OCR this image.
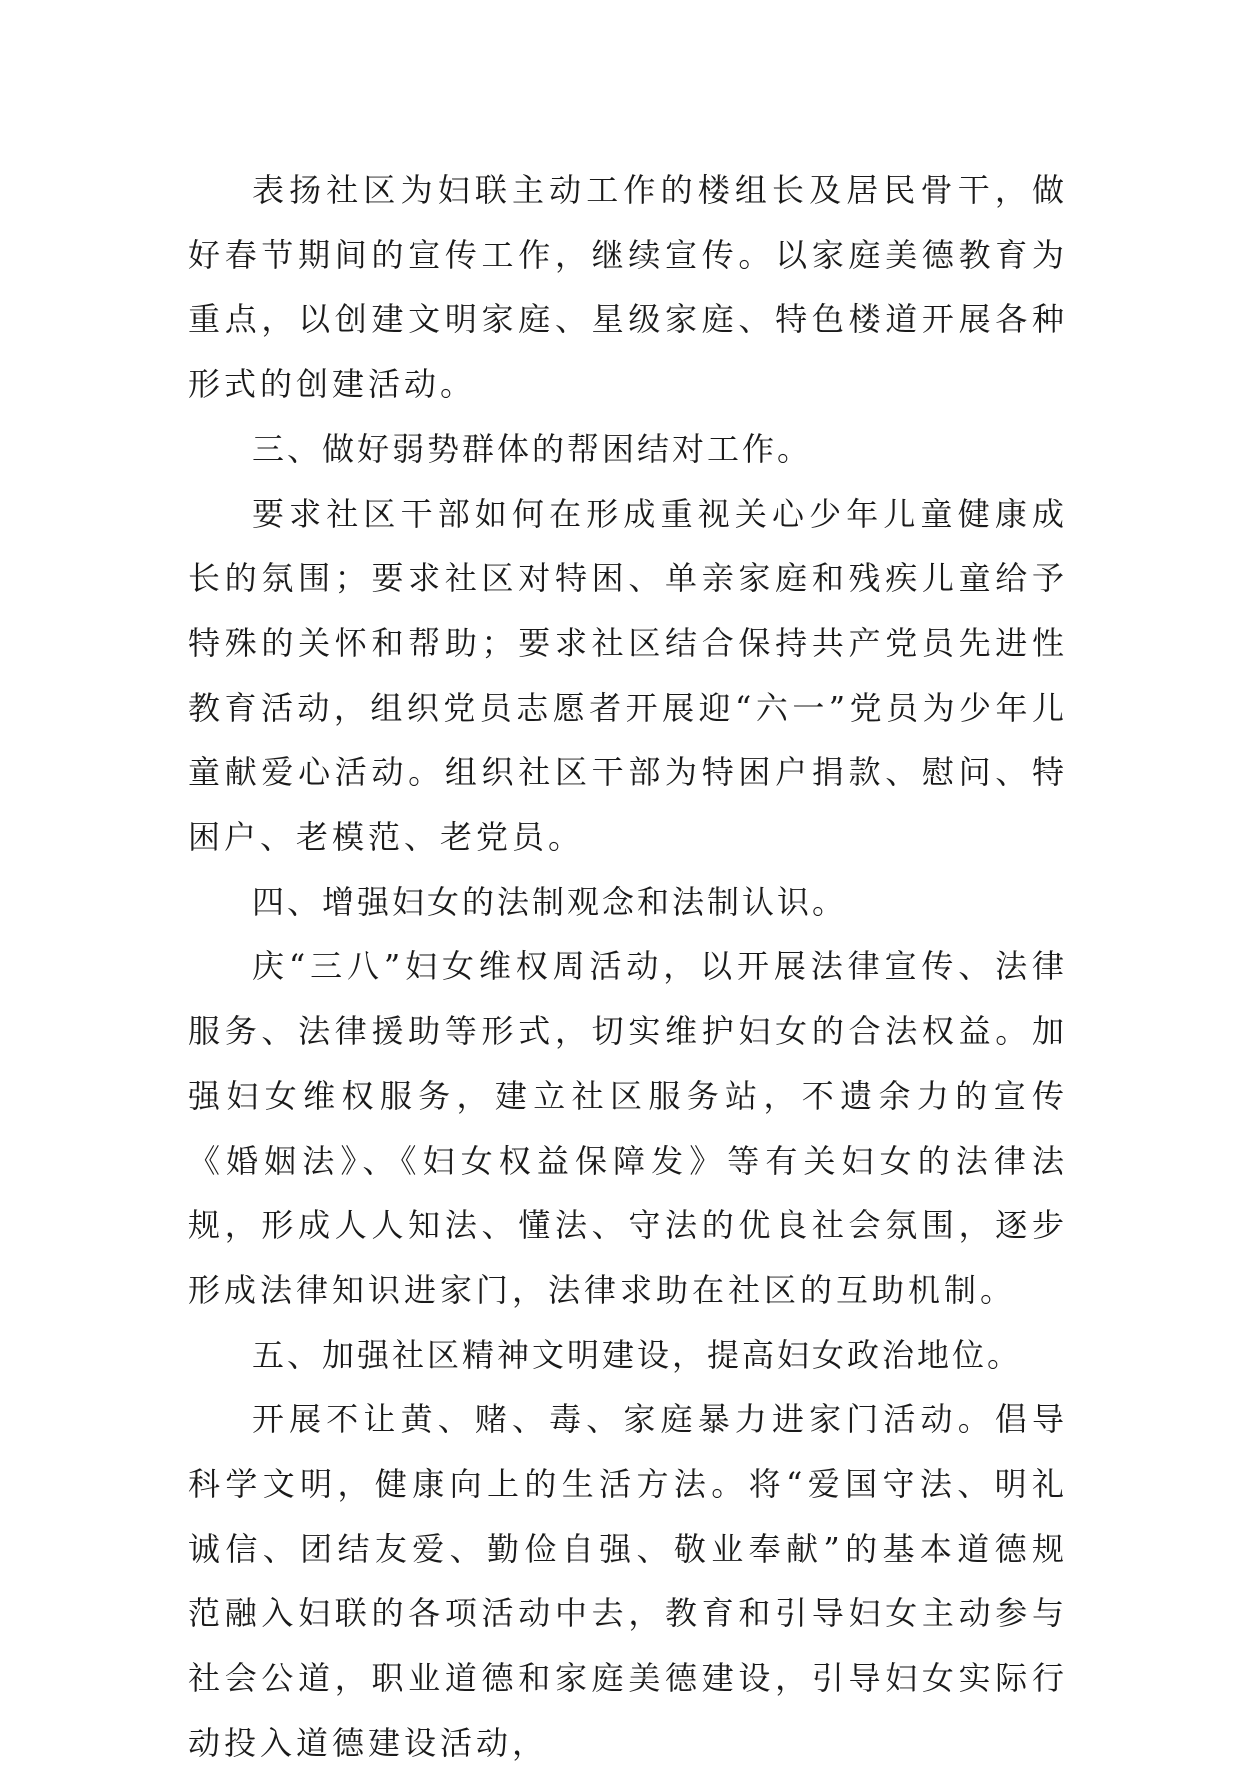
表扬社区为妇联主动工作的楼组长及居民骨干，做好春节期间的宣传工作，继续宣传。以家庭美德教育为重点，以创建文明家庭、星级家庭、特色楼道开展各种形式的创建活动。

三、做好弱势群体的帮困结对工作。

要求社区干部如何在形成重视关心少年儿童健康成长的氛围；要求社区对特困、单亲家庭和残疾儿童给予特殊的关怀和帮助；要求社区结合保持共产党员先进性教育活动，组织党员志愿者开展迎“六一”党员为少年儿童献爱心活动。组织社区干部为特困户捐款、慰问、特困户、老模范、老党员。

四、增强妇女的法制观念和法制认识。

庆“三八”妇女维权周活动，以开展法律宣传、法律服务、法律援助等形式，切实维护妇女的合法权益。加强妇女维权服务，建立社区服务站，不遗余力的宣传《婚姻法》、《妇女权益保障发》等有关妇女的法律法规，形成人人知法、懂法、守法的优良社会氛围，逐步形成法律知识进家门，法律求助在社区的互助机制。

五、加强社区精神文明建设，提高妇女政治地位。

开展不让黄、赌、毒、家庭暴力进家门活动。倡导科学文明，健康向上的生活方法。将“爱国守法、明礼诚信、团结友爱、勤俭自强、敬业奉献”的基本道德规范融入妇联的各项活动中去，教育和引导妇女主动参与社会公道，职业道德和家庭美德建设，引导妇女实际行动投入道德建设活动，
